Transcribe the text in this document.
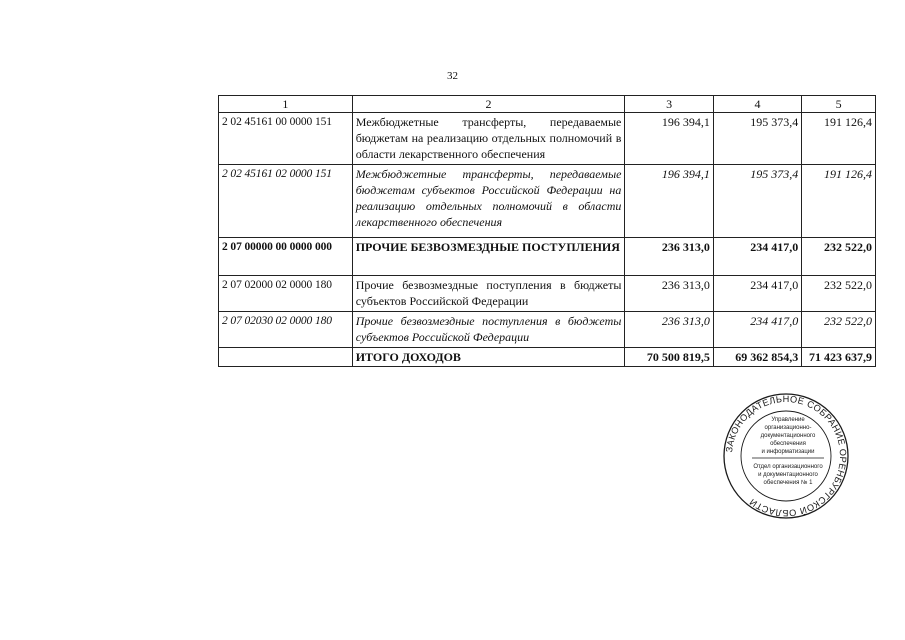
32
1	2	3	4	5
2 02 45161 00 0000 151	Межбюджетные трансферты, передаваемые бюджетам на реализацию отдельных полномочий в области лекарственного обеспечения	196 394,1	195 373,4	191 126,4
2 02 45161 02 0000 151	Межбюджетные трансферты, передаваемые бюджетам субъектов Российской Федерации на реализацию отдельных полномочий в области лекарственного обеспечения	196 394,1	195 373,4	191 126,4
2 07 00000 00 0000 000	ПРОЧИЕ БЕЗВОЗМЕЗДНЫЕ ПОСТУПЛЕНИЯ	236 313,0	234 417,0	232 522,0
2 07 02000 02 0000 180	Прочие безвозмездные поступления в бюджеты субъектов Российской Федерации	236 313,0	234 417,0	232 522,0
2 07 02030 02 0000 180	Прочие безвозмездные поступления в бюджеты субъектов Российской Федерации	236 313,0	234 417,0	232 522,0
	ИТОГО ДОХОДОВ	70 500 819,5	69 362 854,3	71 423 637,9
ЗАКОНОДАТЕЛЬНОЕ СОБРАНИЕ ОРЕНБУРГСКОЙ ОБЛАСТИ
Управление
организационно-
документационного
обеспечения
и информатизации
Отдел организационного
и документационного
обеспечения № 1
